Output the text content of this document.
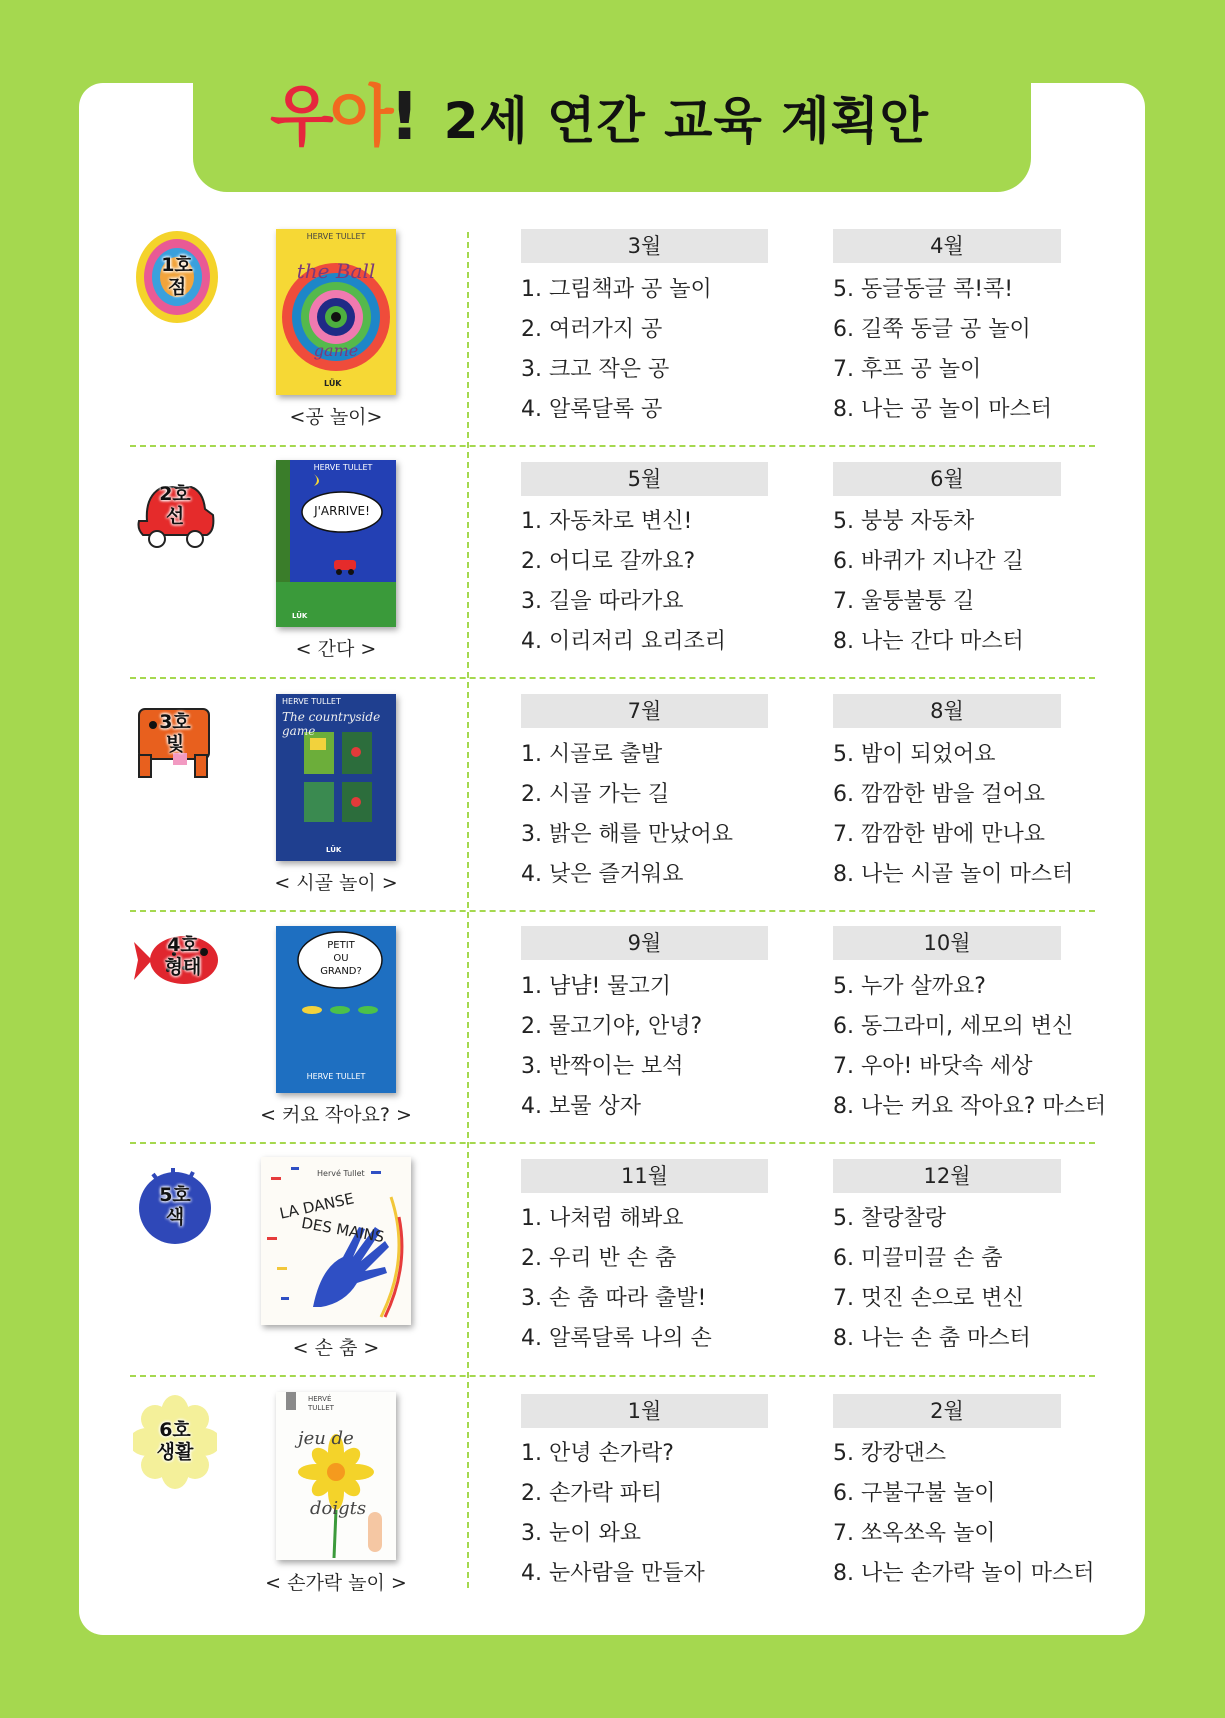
우 아 ! 2세 연간 교육 계획안
1호
점
HERVE TULLET
the Ball
game
LÜK
<공 놀이>
3월
1. 그림책과 공 놀이
2. 여러가지 공
3. 크고 작은 공
4. 알록달록 공
4월
5. 동글동글 콕!콕!
6. 길쭉 동글 공 놀이
7. 후프 공 놀이
8. 나는 공 놀이 마스터
2호
선
HERVE TULLET
J'ARRIVE!
LÜK
< 간다 >
5월
1. 자동차로 변신!
2. 어디로 갈까요?
3. 길을 따라가요
4. 이리저리 요리조리
6월
5. 붕붕 자동차
6. 바퀴가 지나간 길
7. 울퉁불퉁 길
8. 나는 간다 마스터
3호
빛
HERVE TULLET
The countryside game
LÜK
< 시골 놀이 >
7월
1. 시골로 출발
2. 시골 가는 길
3. 밝은 해를 만났어요
4. 낮은 즐거워요
8월
5. 밤이 되었어요
6. 깜깜한 밤을 걸어요
7. 깜깜한 밤에 만나요
8. 나는 시골 놀이 마스터
4호
형태
PETIT
OU
GRAND?
HERVE TULLET
< 커요 작아요? >
9월
1. 냠냠! 물고기
2. 물고기야, 안녕?
3. 반짝이는 보석
4. 보물 상자
10월
5. 누가 살까요?
6. 동그라미, 세모의 변신
7. 우아! 바닷속 세상
8. 나는 커요 작아요? 마스터
5호
색
Hervé Tullet
LA DANSE
DES MAINS
< 손 춤 >
11월
1. 나처럼 해봐요
2. 우리 반 손 춤
3. 손 춤 따라 출발!
4. 알록달록 나의 손
12월
5. 찰랑찰랑
6. 미끌미끌 손 춤
7. 멋진 손으로 변신
8. 나는 손 춤 마스터
6호
생활
HERVÉ
TULLET
jeu de
doigts
< 손가락 놀이 >
1월
1. 안녕 손가락?
2. 손가락 파티
3. 눈이 와요
4. 눈사람을 만들자
2월
5. 캉캉댄스
6. 구불구불 놀이
7. 쏘옥쏘옥 놀이
8. 나는 손가락 놀이 마스터
